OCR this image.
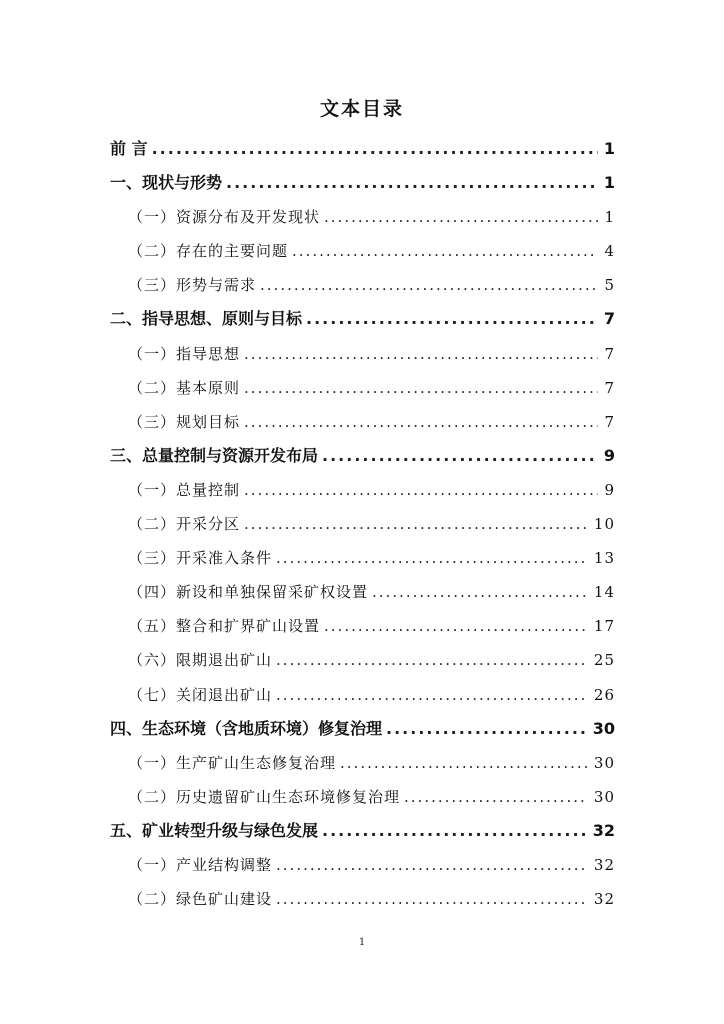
文本目录
前 言 .....	1
一、现状与形势 .....	1
（一）资源分布及开发现状 .....	1
（二）存在的主要问题 .....	4
（三）形势与需求 .....	5
二、指导思想、原则与目标 .....	7
（一）指导思想 .....	7
（二）基本原则 .....	7
（三）规划目标 .....	7
三、总量控制与资源开发布局 .....	9
（一）总量控制 .....	9
（二）开采分区 .....	10
（三）开采准入条件 .....	13
（四）新设和单独保留采矿权设置 .....	14
（五）整合和扩界矿山设置 .....	17
（六）限期退出矿山 .....	25
（七）关闭退出矿山 .....	26
四、生态环境（含地质环境）修复治理 .....	30
（一）生产矿山生态修复治理 .....	30
（二）历史遗留矿山生态环境修复治理 .....	30
五、矿业转型升级与绿色发展 .....	32
（一）产业结构调整 .....	32
（二）绿色矿山建设 .....	32
1
